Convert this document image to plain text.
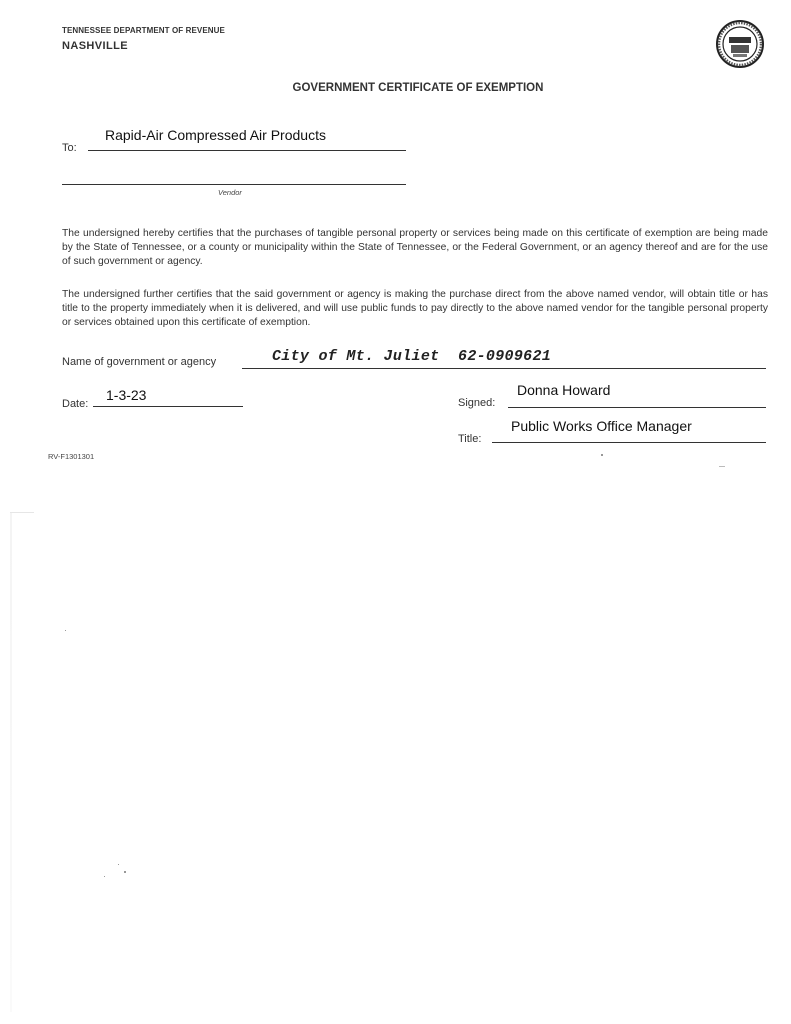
TENNESSEE DEPARTMENT OF REVENUE
NASHVILLE
GOVERNMENT CERTIFICATE OF EXEMPTION
To:
Rapid-Air Compressed Air Products
Vendor
The undersigned hereby certifies that the purchases of tangible personal property or services being made on this certificate of exemption are being made by the State of Tennessee, or a county or municipality within the State of Tennessee, or the Federal Government, or an agency thereof and are for the use of such government or agency.
The undersigned further certifies that the said government or agency is making the purchase direct from the above named vendor, will obtain title or has title to the property immediately when it is delivered, and will use public funds to pay directly to the above named vendor for the tangible personal property or services obtained upon this certificate of exemption.
Name of government or agency	City of Mt. Juliet  62-0909621
Date:
1-3-23	Signed:
Donna Howard
Title:
Public Works Office Manager
RV-F1301301
